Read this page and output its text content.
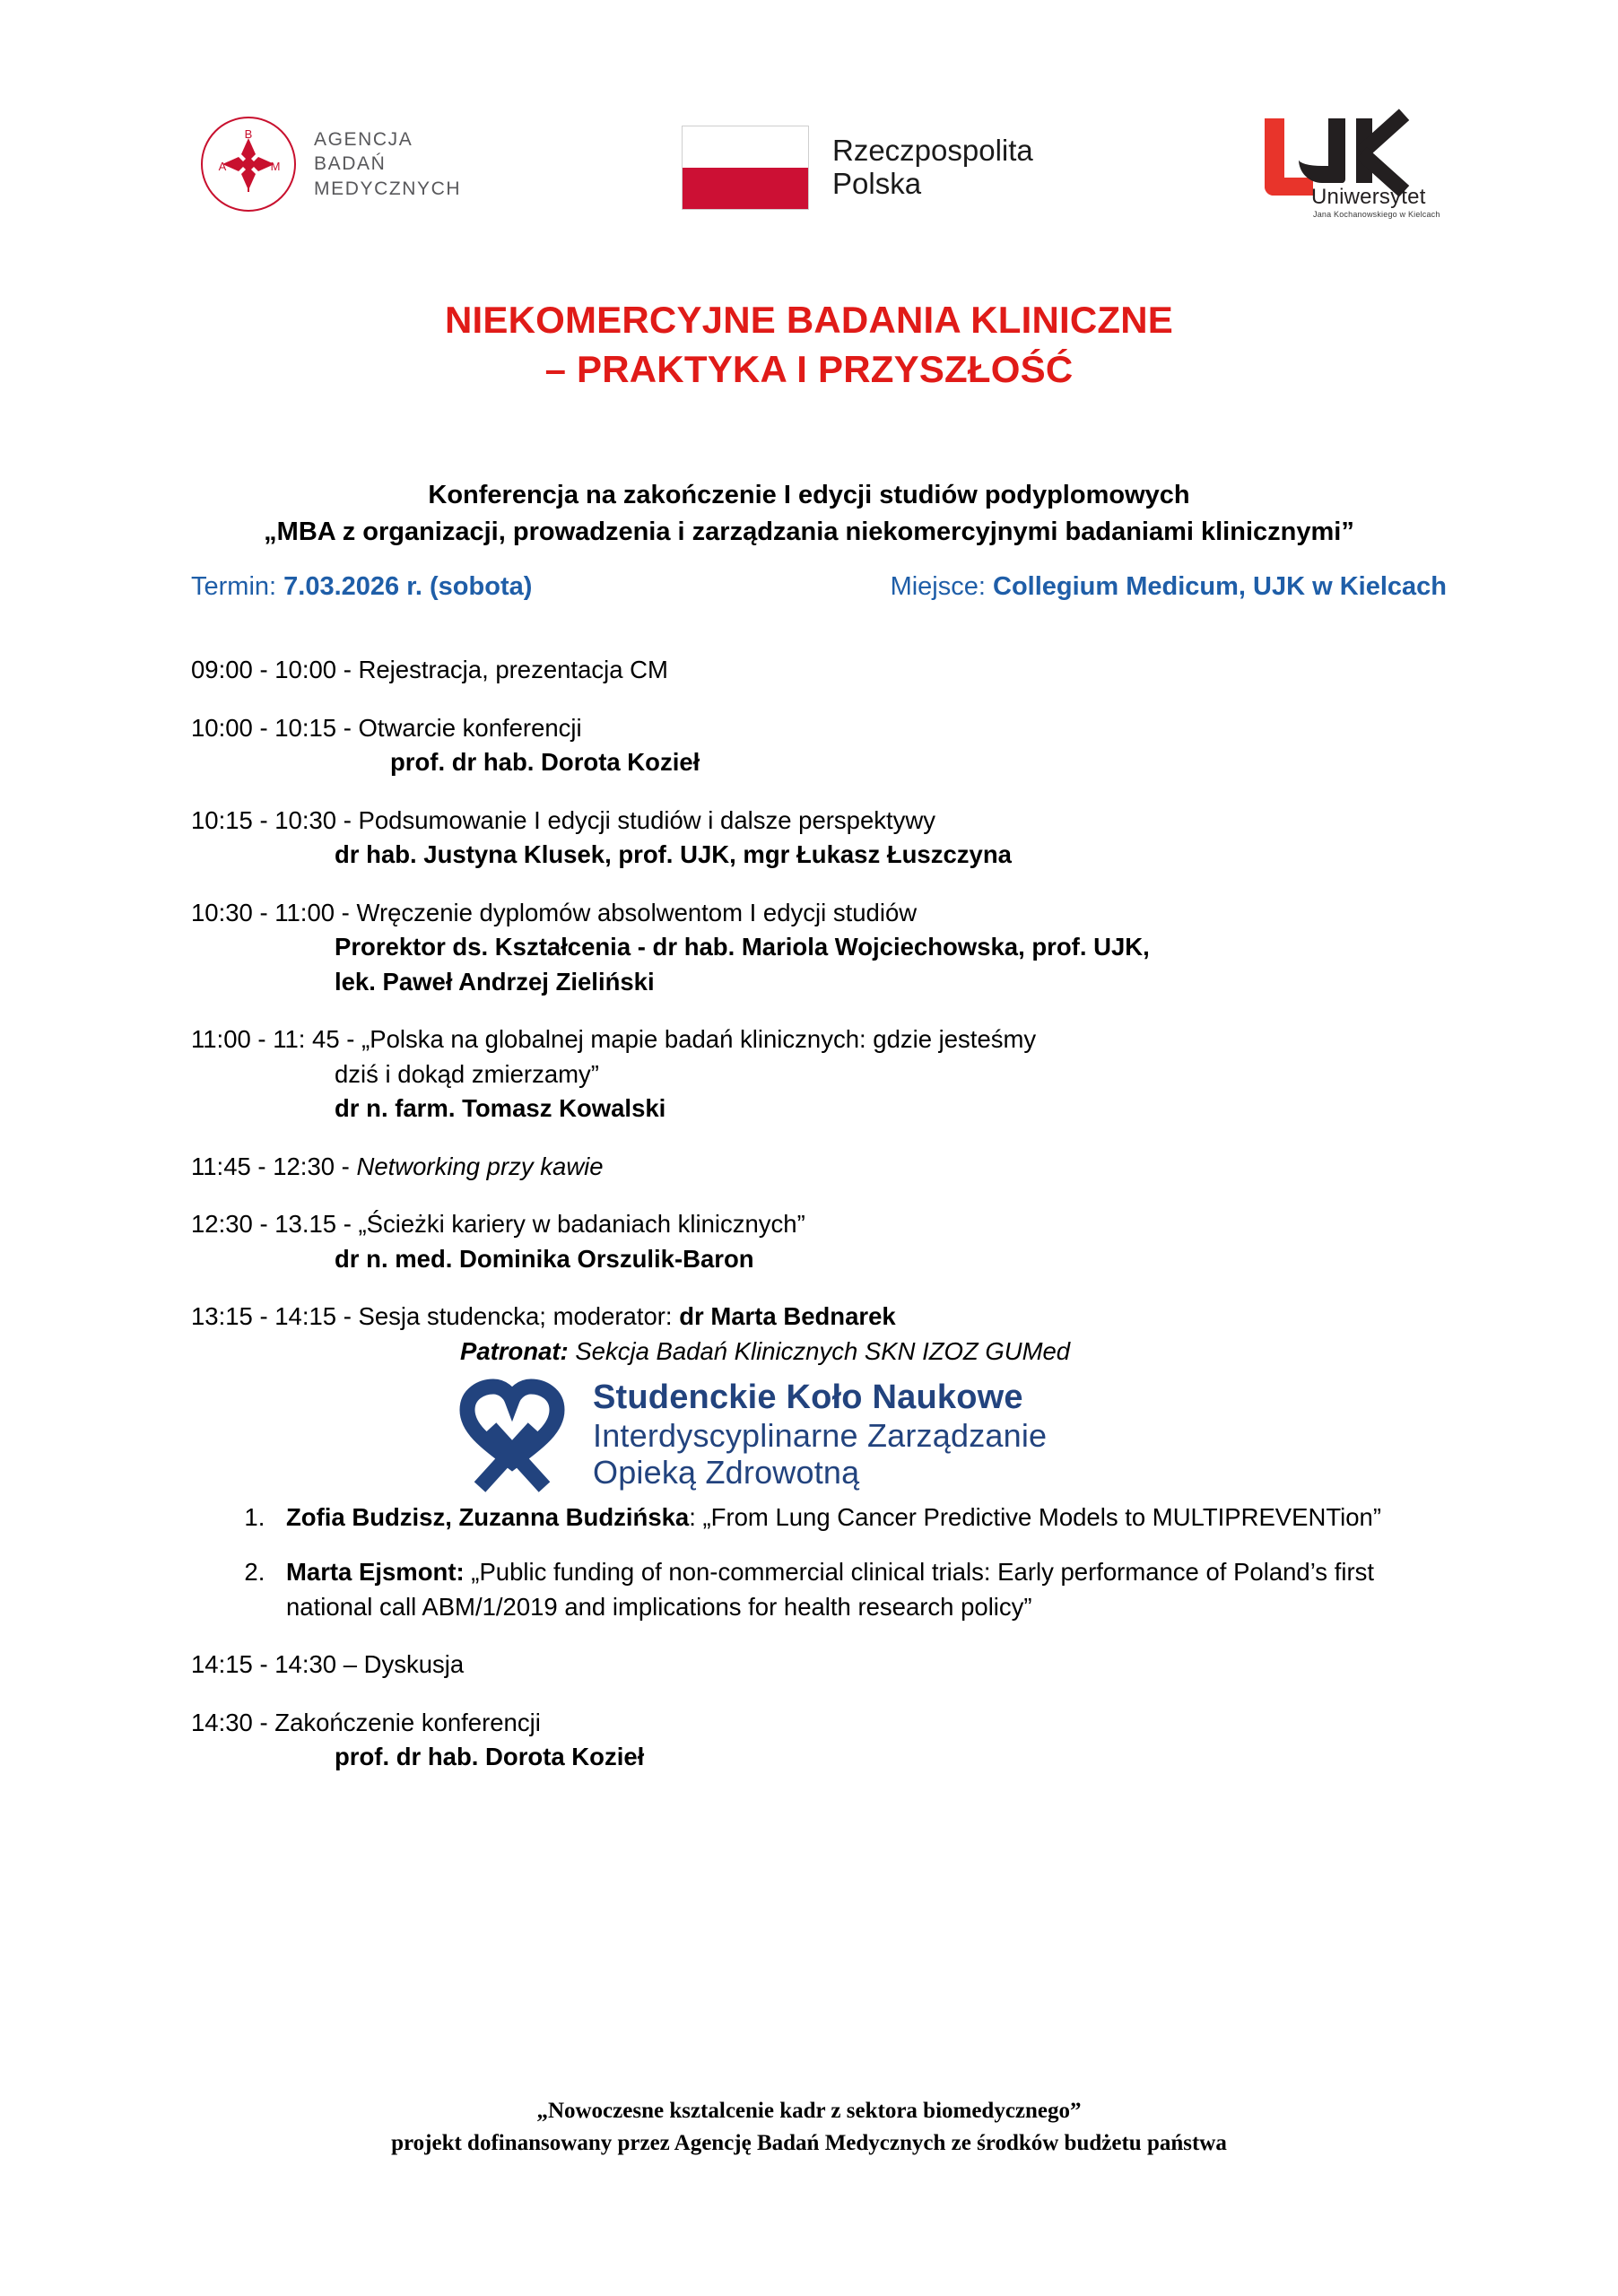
B
A	M
AGENCJA
BADAŃ
MEDYCZNYCH
Rzeczpospolita
Polska	Uniwersytet
Jana Kochanowskiego w Kielcach
NIEKOMERCYJNE BADANIA KLINICZNE
– PRAKTYKA I PRZYSZŁOŚĆ
Konferencja na zakończenie I edycji studiów podyplomowych
„MBA z organizacji, prowadzenia i zarządzania niekomercyjnymi badaniami klinicznymi”
Termin: 7.03.2026 r. (sobota)	Miejsce: Collegium Medicum, UJK w Kielcach
09:00 - 10:00 - Rejestracja, prezentacja CM
10:00 - 10:15 - Otwarcie konferencji
prof. dr hab. Dorota Kozieł
10:15 - 10:30 - Podsumowanie I edycji studiów i dalsze perspektywy
dr hab. Justyna Klusek, prof. UJK, mgr Łukasz Łuszczyna
10:30 - 11:00 - Wręczenie dyplomów absolwentom I edycji studiów
Prorektor ds. Kształcenia - dr hab. Mariola Wojciechowska, prof. UJK,
lek. Paweł Andrzej Zieliński
11:00 - 11: 45 - „Polska na globalnej mapie badań klinicznych: gdzie jesteśmy
dziś i dokąd zmierzamy”
dr n. farm. Tomasz Kowalski
11:45 - 12:30 - Networking przy kawie
12:30 - 13.15 - „Ścieżki kariery w badaniach klinicznych”
dr n. med. Dominika Orszulik-Baron
13:15 - 14:15 - Sesja studencka; moderator: dr Marta Bednarek
Patronat: Sekcja Badań Klinicznych SKN IZOZ GUMed
Studenckie Koło Naukowe
Interdyscyplinarne Zarządzanie
Opieką Zdrowotną
1. Zofia Budzisz, Zuzanna Budzińska: „From Lung Cancer Predictive Models to MULTIPREVENTion”
2. Marta Ejsmont: „Public funding of non-commercial clinical trials: Early performance of Poland’s first national call ABM/1/2019 and implications for health research policy”
14:15 - 14:30 – Dyskusja
14:30 - Zakończenie konferencji
prof. dr hab. Dorota Kozieł
„Nowoczesne ksztalcenie kadr z sektora biomedycznego”
projekt dofinansowany przez Agencję Badań Medycznych ze środków budżetu państwa
